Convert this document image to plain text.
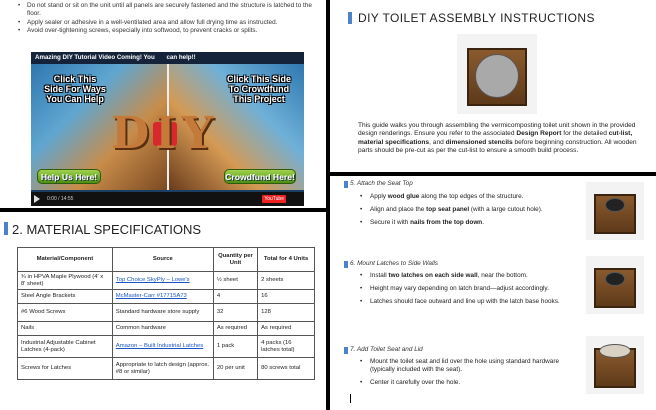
• Do not stand or sit on the unit until all panels are securely fastened and the structure is latched to the floor.
• Apply sealer or adhesive in a well-ventilated area and allow full drying time as instructed.
• Avoid over-tightening screws, especially into softwood, to prevent cracks or splits.
Amazing DIY Tutorial Video Coming! You can help!!
Click This Side For Ways You Can Help
Click This Side To Crowdfund This Project
DIY
Help Us Here!	Crowdfund Here!
0:00 / 14:55	YouTube
DIY TOILET ASSEMBLY INSTRUCTIONS

This guide walks you through assembling the vermicomposting toilet unit shown in the provided design renderings. Ensure you refer to the associated Design Report for the detailed cut-list, material specifications, and dimensioned stencils before beginning construction. All wooden parts should be pre-cut as per the cut-list to ensure a smooth build process.

2. MATERIAL SPECIFICATIONS
Material/Component	Source	Quantity per Unit	Total for 4 Units
¾ in HPVA Maple Plywood (4' x 8' sheet)	Top Choice SkyPly – Lowe's	½ sheet	2 sheets
Steel Angle Brackets	McMaster-Carr #17715A73	4	16
#6 Wood Screws	Standard hardware store supply	32	128
Nails	Common hardware	As required	As required
Industrial Adjustable Cabinet Latches (4-pack)	Amazon – Built Industrial Latches	1 pack	4 packs (16 latches total)
Screws for Latches	Appropriate to latch design (approx. #8 or similar)	20 per unit	80 screws total
5. Attach the Seat Top
• Apply wood glue along the top edges of the structure.
• Align and place the top seat panel (with a large cutout hole).
• Secure it with nails from the top down.
6. Mount Latches to Side Walls
• Install two latches on each side wall, near the bottom.
• Height may vary depending on latch brand—adjust accordingly.
• Latches should face outward and line up with the latch base hooks.
7. Add Toilet Seat and Lid
• Mount the toilet seat and lid over the hole using standard hardware (typically included with the seat).
• Center it carefully over the hole.
